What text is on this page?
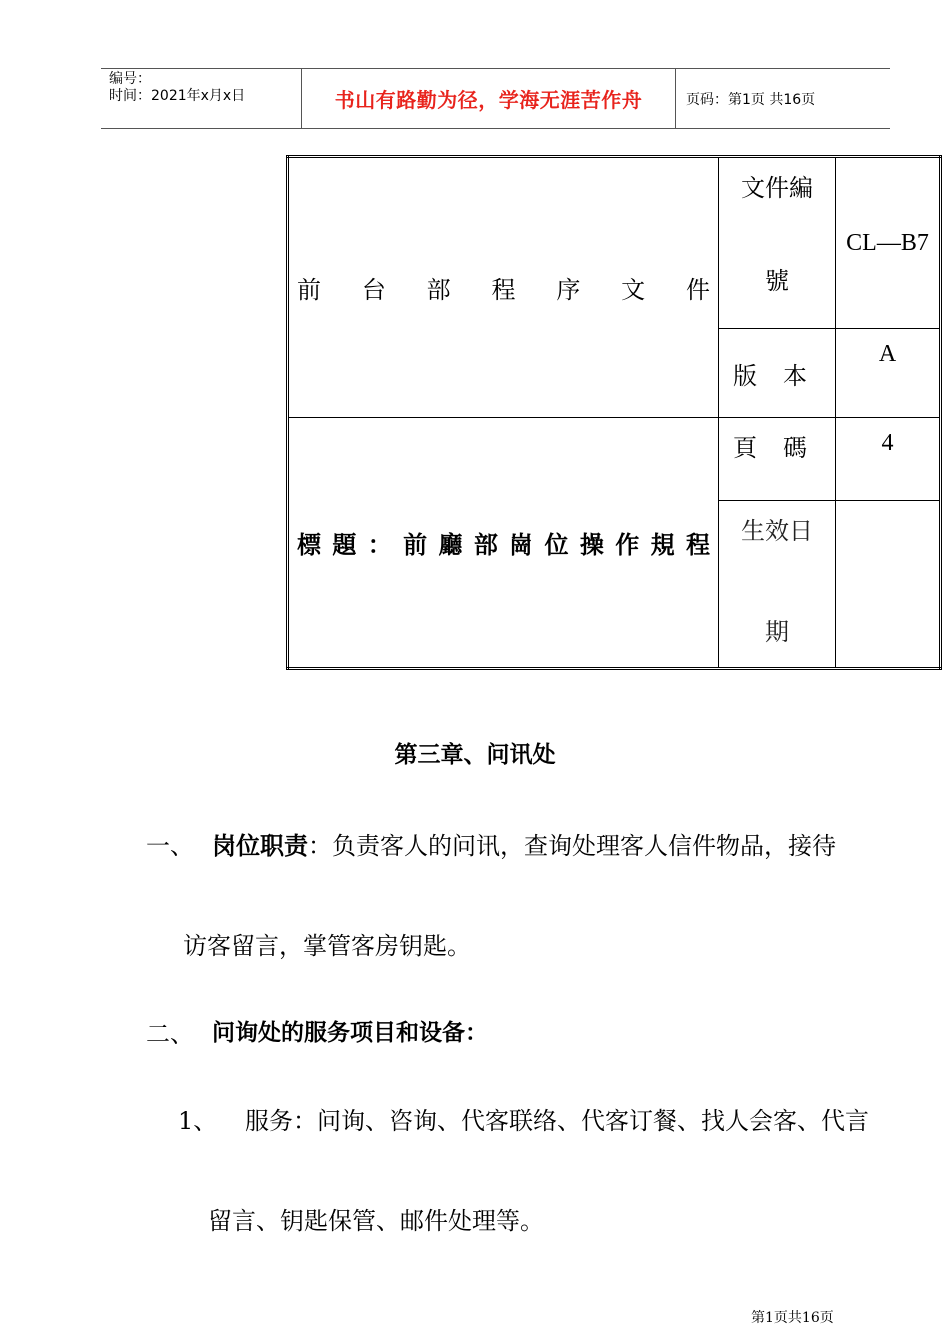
编号：
时间：2021年x月x日	书山有路勤为径，学海无涯苦作舟	页码：第1页 共16页
前台部程序文件	文件編
號	CL—B7
	版本	A
標題：前廳部崗位操作規程	頁碼	4

	生效日
期	

第三章、问讯处
一、 岗位职责：负责客人的问讯，查询处理客人信件物品，接待
访客留言，掌管客房钥匙。
二、 问询处的服务项目和设备：
1、 服务：问询、咨询、代客联络、代客订餐、找人会客、代言
留言、钥匙保管、邮件处理等。
第1页共16页
